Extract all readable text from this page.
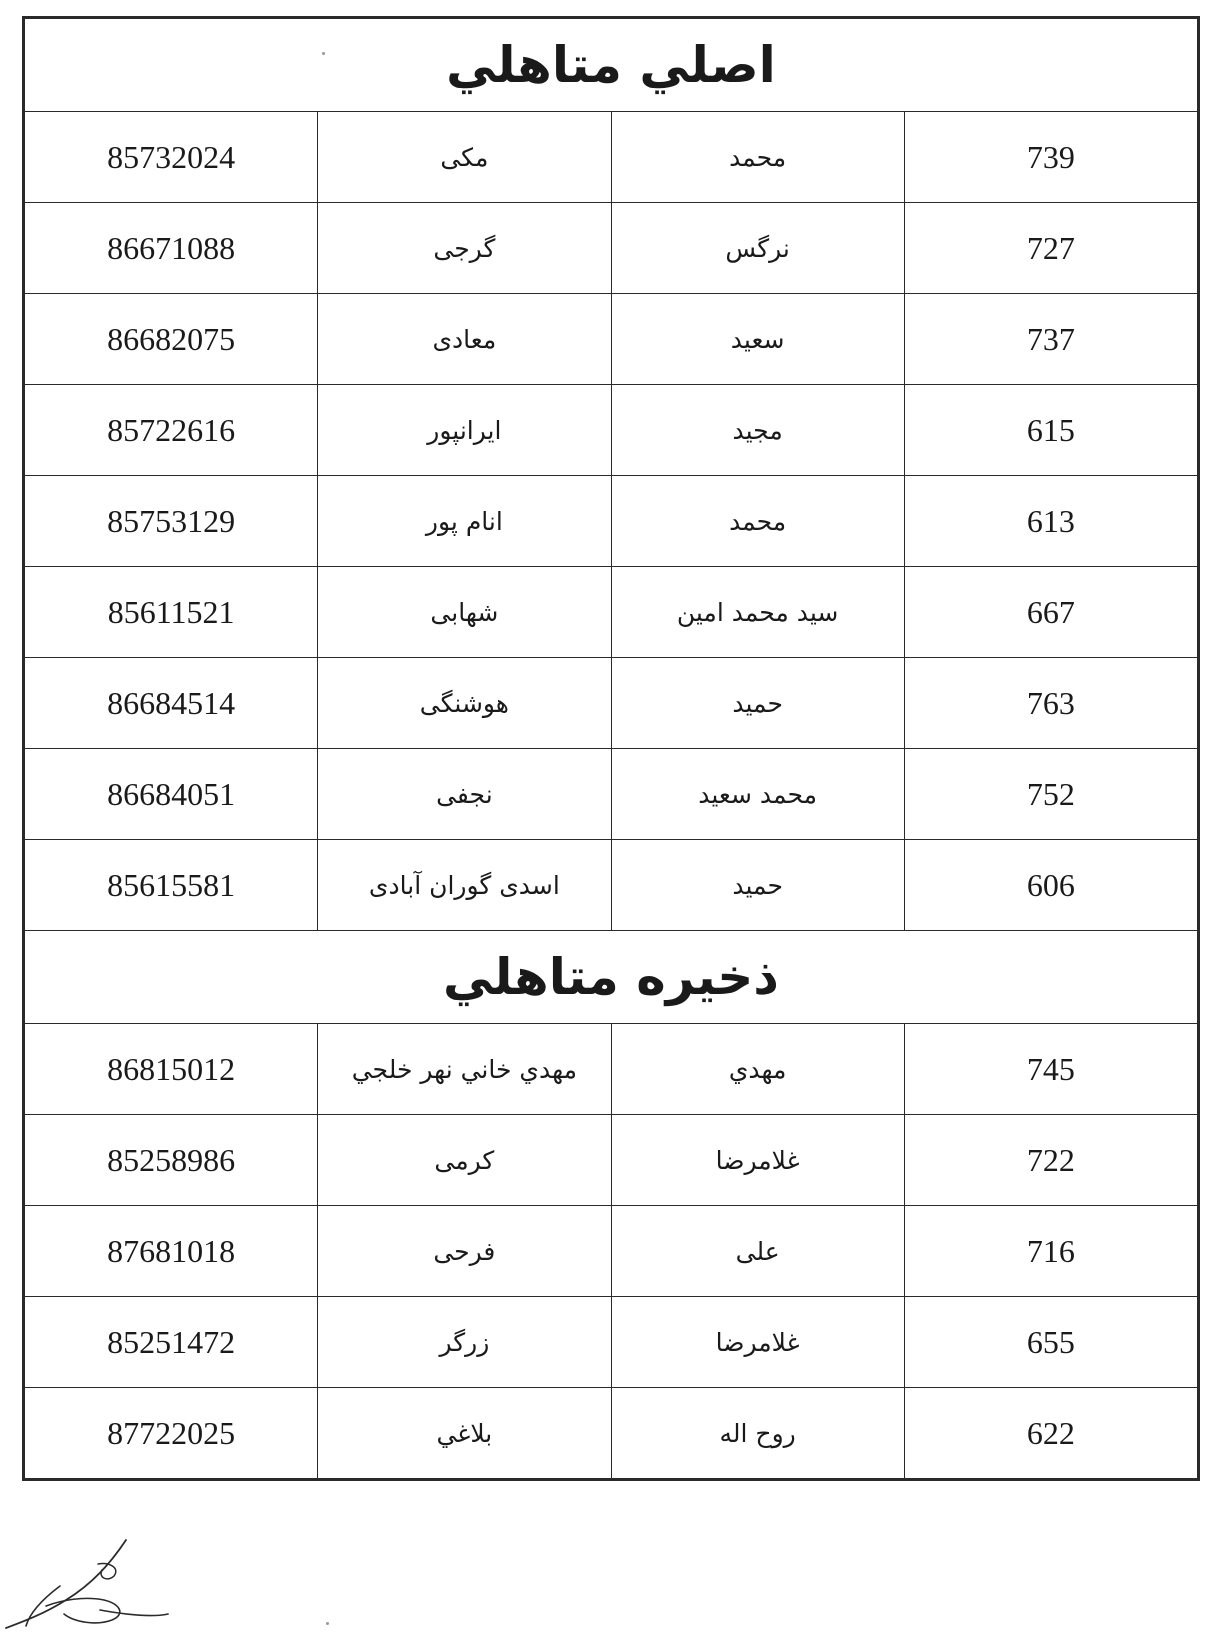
اصلي متاهلي			
739	محمد	مکی	85732024
727	نرگس	گرجی	86671088
737	سعید	معادی	86682075
615	مجید	ایرانپور	85722616
613	محمد	انام پور	85753129
667	سید محمد امین	شهابی	85611521
763	حمید	هوشنگی	86684514
752	محمد سعید	نجفی	86684051
606	حمید	اسدی گوران آبادی	85615581
ذخيره متاهلي			
745	مهدي	مهدي خاني نهر خلجي	86815012
722	غلامرضا	کرمی	85258986
716	علی	فرحی	87681018
655	غلامرضا	زرگر	85251472
622	روح اله	بلاغي	87722025
